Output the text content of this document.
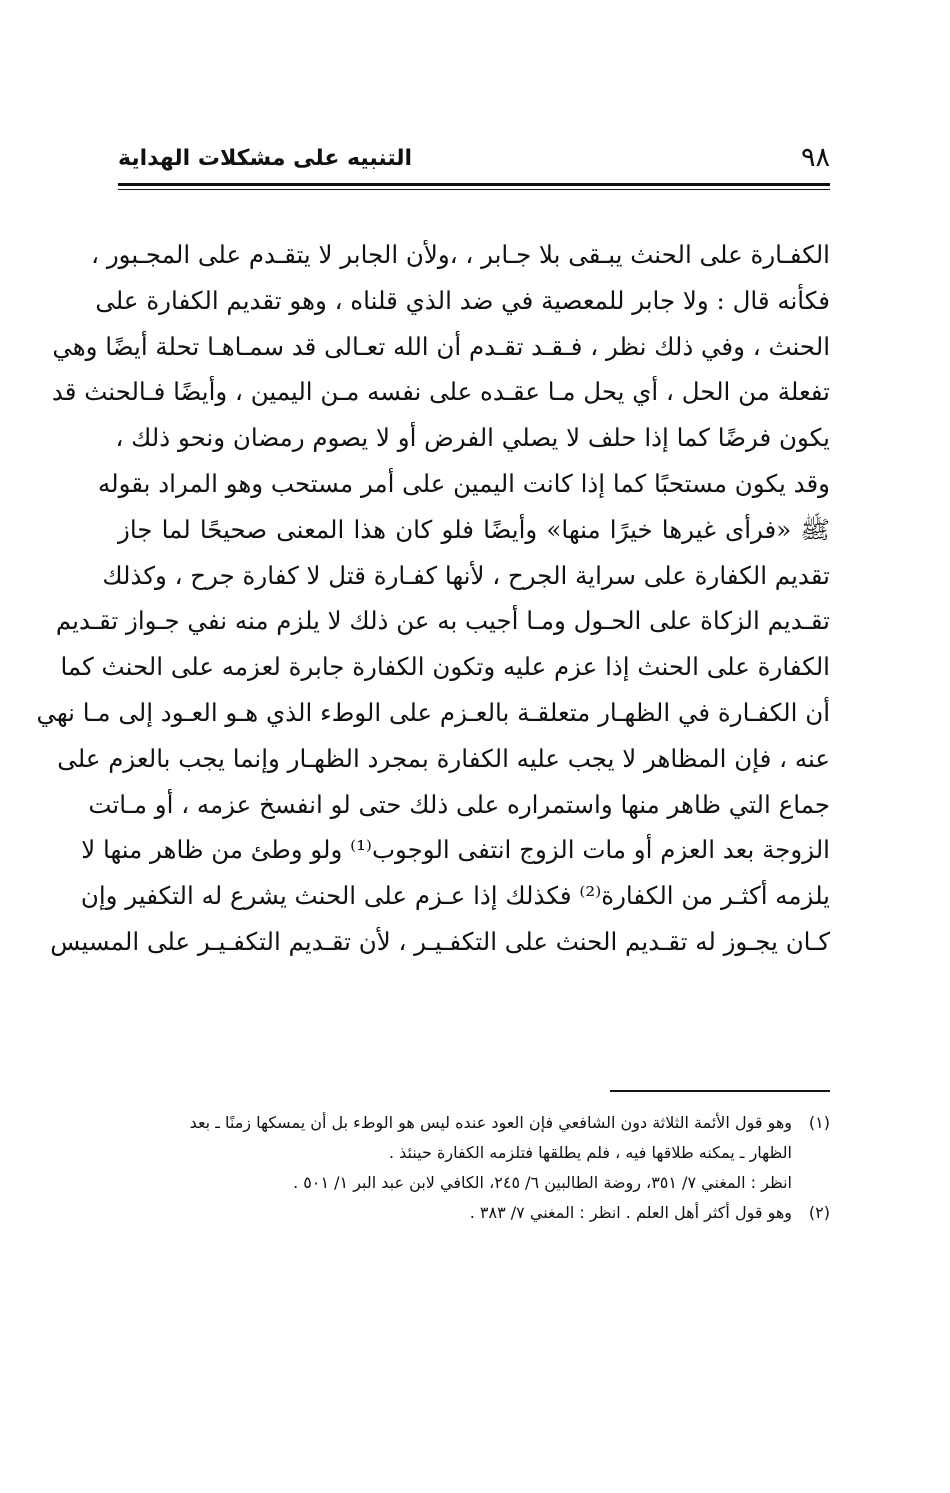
٩٨
التنبيه على مشكلات الهداية
الكفـارة على الحنث يبـقى بلا جـابر ، ،ولأن الجابر لا يتقـدم على المجـبور ،
فكأنه قال : ولا جابر للمعصية في ضد الذي قلناه ، وهو تقديم الكفارة على
الحنث ، وفي ذلك نظر ، فـقـد تقـدم أن الله تعـالى قد سمـاهـا تحلة أيضًا وهي
تفعلة من الحل ، أي يحل مـا عقـده على نفسه مـن اليمين ، وأيضًا فـالحنث قد
يكون فرضًا كما إذا حلف لا يصلي الفرض أو لا يصوم رمضان ونحو ذلك ،
وقد يكون مستحبًا كما إذا كانت اليمين على أمر مستحب وهو المراد بقوله
ﷺ «فرأى غيرها خيرًا منها» وأيضًا فلو كان هذا المعنى صحيحًا لما جاز
تقديم الكفارة على سراية الجرح ، لأنها كفـارة قتل لا كفارة جرح ، وكذلك
تقـديم الزكاة على الحـول ومـا أجيب به عن ذلك لا يلزم منه نفي جـواز تقـديم
الكفارة على الحنث إذا عزم عليه وتكون الكفارة جابرة لعزمه على الحنث كما
أن الكفـارة في الظهـار متعلقـة بالعـزم على الوطء الذي هـو العـود إلى مـا نهي
عنه ، فإن المظاهر لا يجب عليه الكفارة بمجرد الظهـار وإنما يجب بالعزم على
جماع التي ظاهر منها واستمراره على ذلك حتى لو انفسخ عزمه ، أو مـاتت
الزوجة بعد العزم أو مات الزوج انتفى الوجوب⁽¹⁾ ولو وطئ من ظاهر منها لا
يلزمه أكثـر من الكفارة⁽²⁾ فكذلك إذا عـزم على الحنث يشرع له التكفير وإن
كـان يجـوز له تقـديم الحنث على التكفـيـر ، لأن تقـديم التكفـيـر على المسيس
(١)وهو قول الأئمة الثلاثة دون الشافعي فإن العود عنده ليس هو الوطء بل أن يمسكها زمنًا ـ بعد
الظهار ـ يمكنه طلاقها فيه ، فلم يطلقها فتلزمه الكفارة حينئذ .
انظر : المغني ٧/ ٣٥١، روضة الطالبين ٦/ ٢٤٥، الكافي لابن عبد البر ١/ ٥٠١ .
(٢)وهو قول أكثر أهل العلم . انظر : المغني ٧/ ٣٨٣ .
